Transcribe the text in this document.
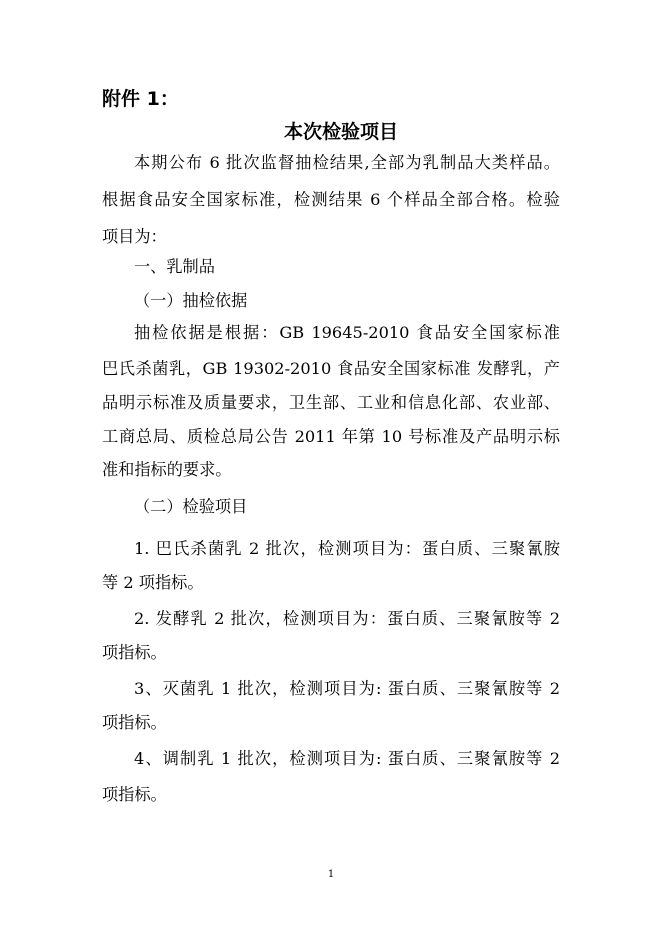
附件 1：
本次检验项目
本期公布 6 批次监督抽检结果,全部为乳制品大类样品。
根据食品安全国家标准，检测结果 6 个样品全部合格。检验
项目为：
一、乳制品
（一）抽检依据
抽检依据是根据：GB 19645-2010 食品安全国家标准
巴氏杀菌乳，GB 19302-2010 食品安全国家标准 发酵乳，产
品明示标准及质量要求，卫生部、工业和信息化部、农业部、
工商总局、质检总局公告 2011 年第 10 号标准及产品明示标
准和指标的要求。
（二）检验项目
1. 巴氏杀菌乳 2 批次，检测项目为：蛋白质、三聚氰胺
等 2 项指标。
2. 发酵乳 2 批次，检测项目为：蛋白质、三聚氰胺等 2
项指标。
3、灭菌乳 1 批次，检测项目为: 蛋白质、三聚氰胺等 2
项指标。
4、调制乳 1 批次，检测项目为: 蛋白质、三聚氰胺等 2
项指标。
1
